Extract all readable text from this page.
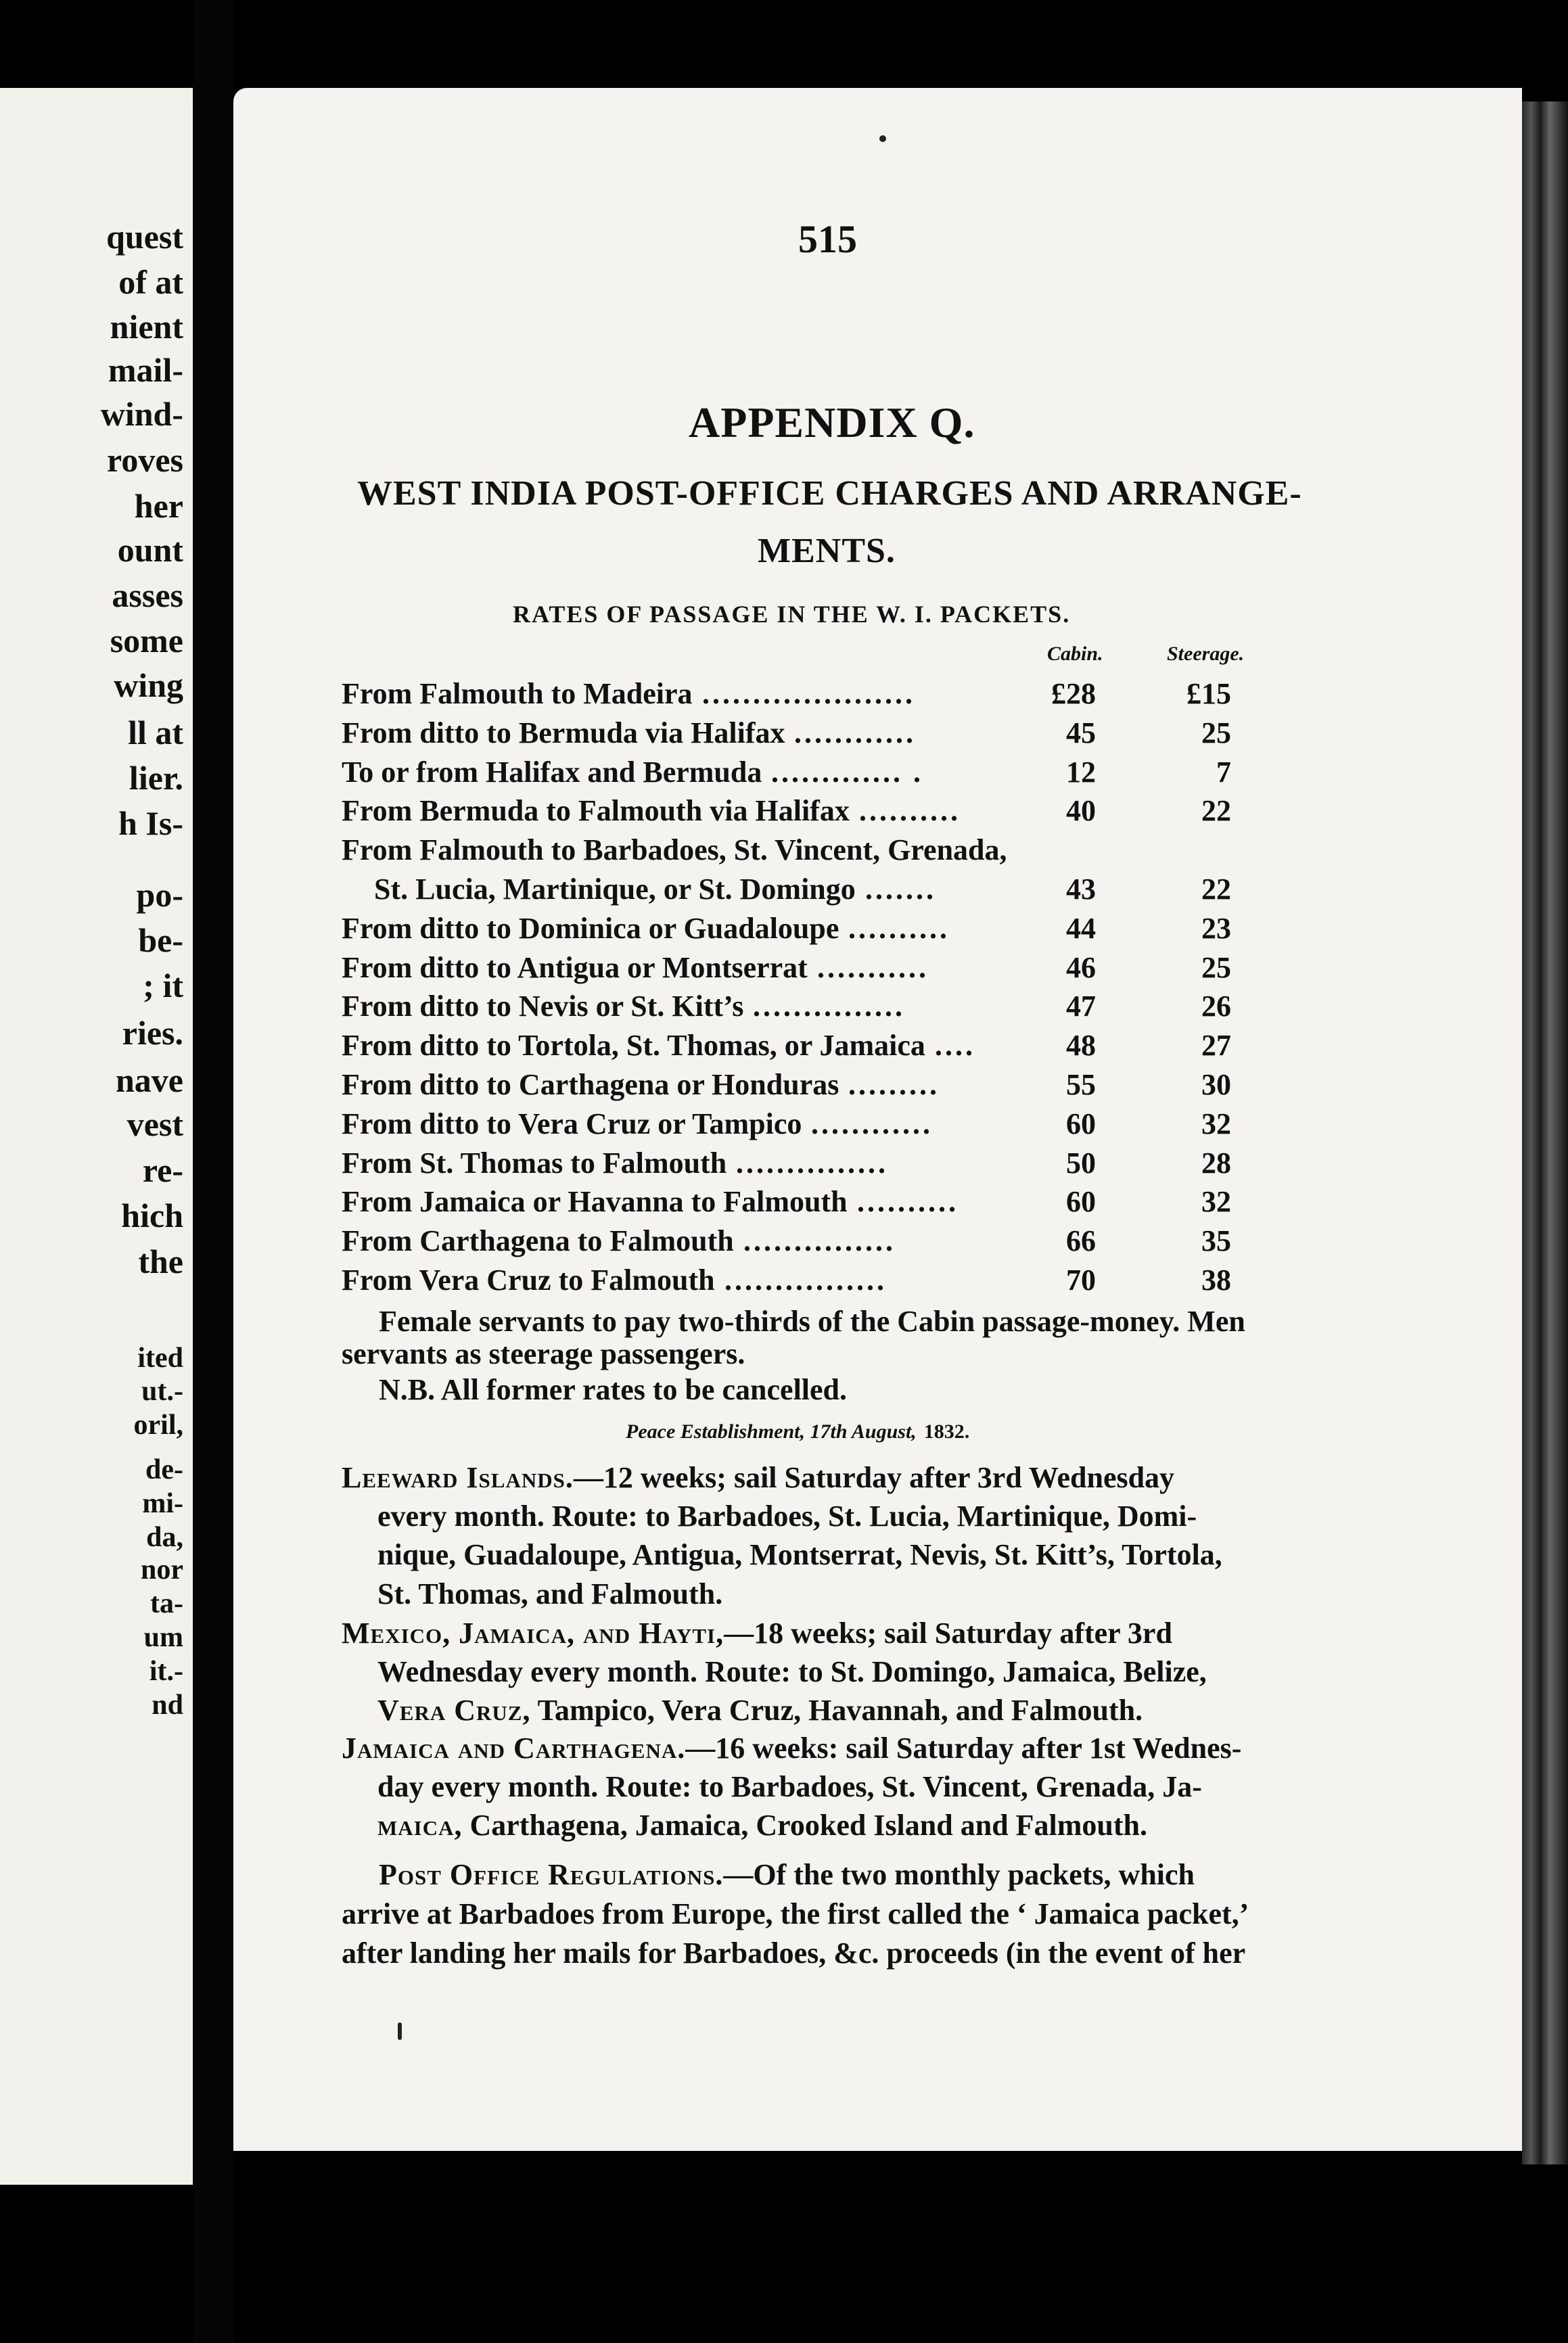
quest
of at
nient
mail-
wind-
roves
her
ount
asses
some
wing
ll at
lier.
h Is-
po-
be-
; it
ries.
nave
vest
re-
hich
the
ited
ut.-
oril,
de-
mi-
da,
nor
ta-
um
it.-
nd
515
APPENDIX Q.
WEST INDIA POST-OFFICE CHARGES AND ARRANGE-
MENTS.
RATES OF PASSAGE IN THE W. I. PACKETS.
Cabin.	Steerage.
From Falmouth to Madeira .....................	£28	£15
From ditto to Bermuda via Halifax ............	45	25
To or from Halifax and Bermuda ............. .	12	7
From Bermuda to Falmouth via Halifax ..........	40	22
From Falmouth to Barbadoes, St. Vincent, Grenada,
St. Lucia, Martinique, or St. Domingo .......	43	22
From ditto to Dominica or Guadaloupe ..........	44	23
From ditto to Antigua or Montserrat ...........	46	25
From ditto to Nevis or St. Kitt’s ...............	47	26
From ditto to Tortola, St. Thomas, or Jamaica ....	48	27
From ditto to Carthagena or Honduras .........	55	30
From ditto to Vera Cruz or Tampico ............	60	32
From St. Thomas to Falmouth ...............	50	28
From Jamaica or Havanna to Falmouth ..........	60	32
From Carthagena to Falmouth ...............	66	35
From Vera Cruz to Falmouth ................	70	38
Female servants to pay two-thirds of the Cabin passage-money. Men
servants as steerage passengers.
N.B. All former rates to be cancelled.
Peace Establishment, 17th August, 1832.
Leeward Islands.—12 weeks; sail Saturday after 3rd Wednesday
every month. Route: to Barbadoes, St. Lucia, Martinique, Domi-
nique, Guadaloupe, Antigua, Montserrat, Nevis, St. Kitt’s, Tortola,
St. Thomas, and Falmouth.
Mexico, Jamaica, and Hayti,—18 weeks; sail Saturday after 3rd
Wednesday every month. Route: to St. Domingo, Jamaica, Belize,
Vera Cruz, Tampico, Vera Cruz, Havannah, and Falmouth.
Jamaica and Carthagena.—16 weeks: sail Saturday after 1st Wednes-
day every month. Route: to Barbadoes, St. Vincent, Grenada, Ja-
maica, Carthagena, Jamaica, Crooked Island and Falmouth.
Post Office Regulations.—Of the two monthly packets, which
arrive at Barbadoes from Europe, the first called the ‘ Jamaica packet,’
after landing her mails for Barbadoes, &c. proceeds (in the event of her
